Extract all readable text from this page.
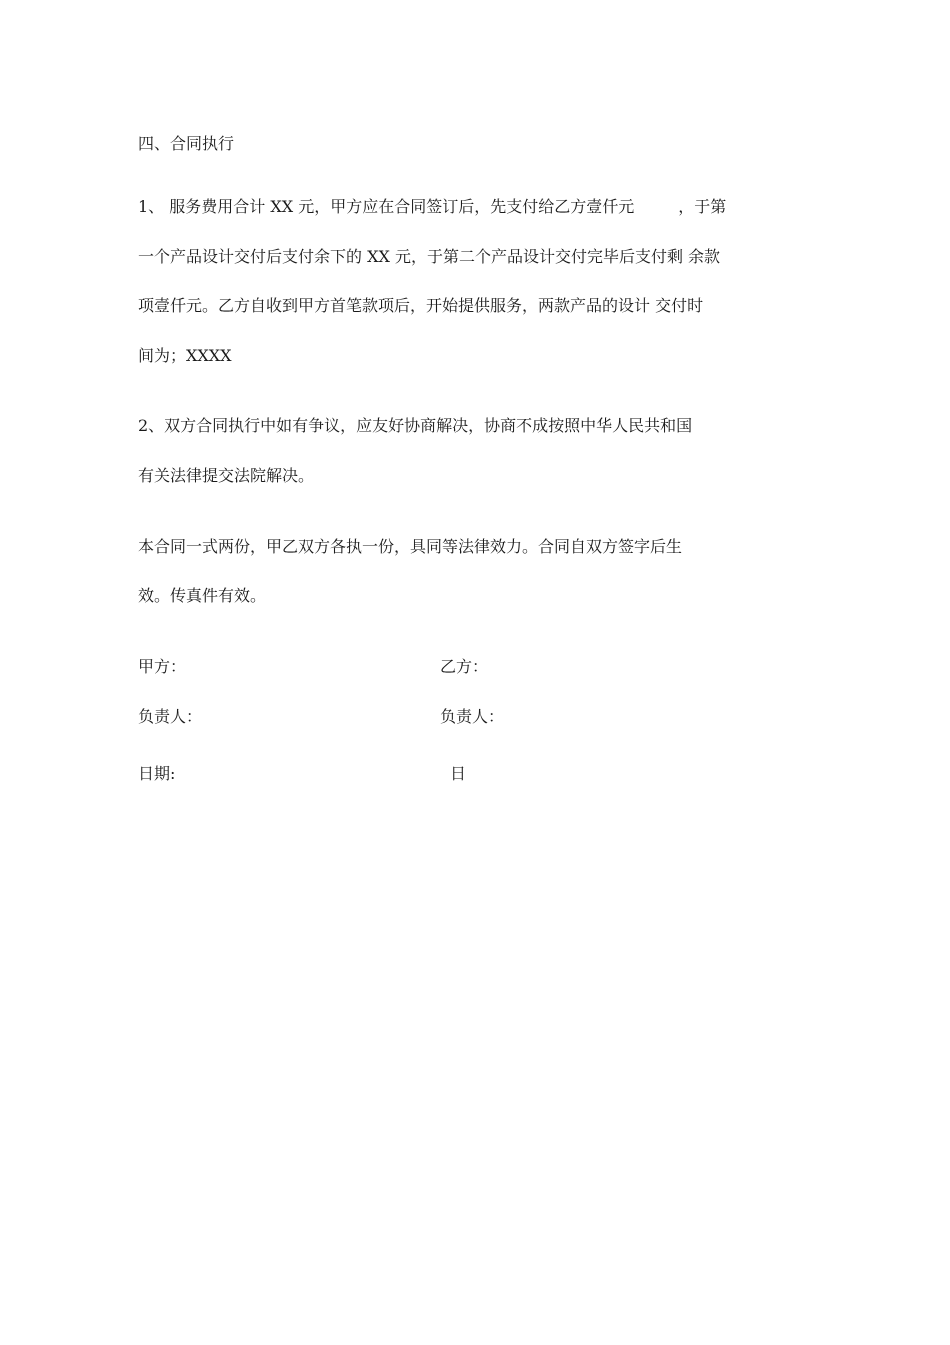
四、合同执行
1、 服务费用合计 XX 元，甲方应在合同签订后，先支付给乙方壹仟元	，于第
一个产品设计交付后支付余下的 XX 元，于第二个产品设计交付完毕后支付剩 余款
项壹仟元。乙方自收到甲方首笔款项后，开始提供服务，两款产品的设计 交付时
间为；XXXX
2、双方合同执行中如有争议，应友好协商解决，协商不成按照中华人民共和国
有关法律提交法院解决。
本合同一式两份，甲乙双方各执一份，具同等法律效力。合同自双方签字后生
效。传真件有效。
甲方：	乙方：
负责人：	负责人：
日期:	日
